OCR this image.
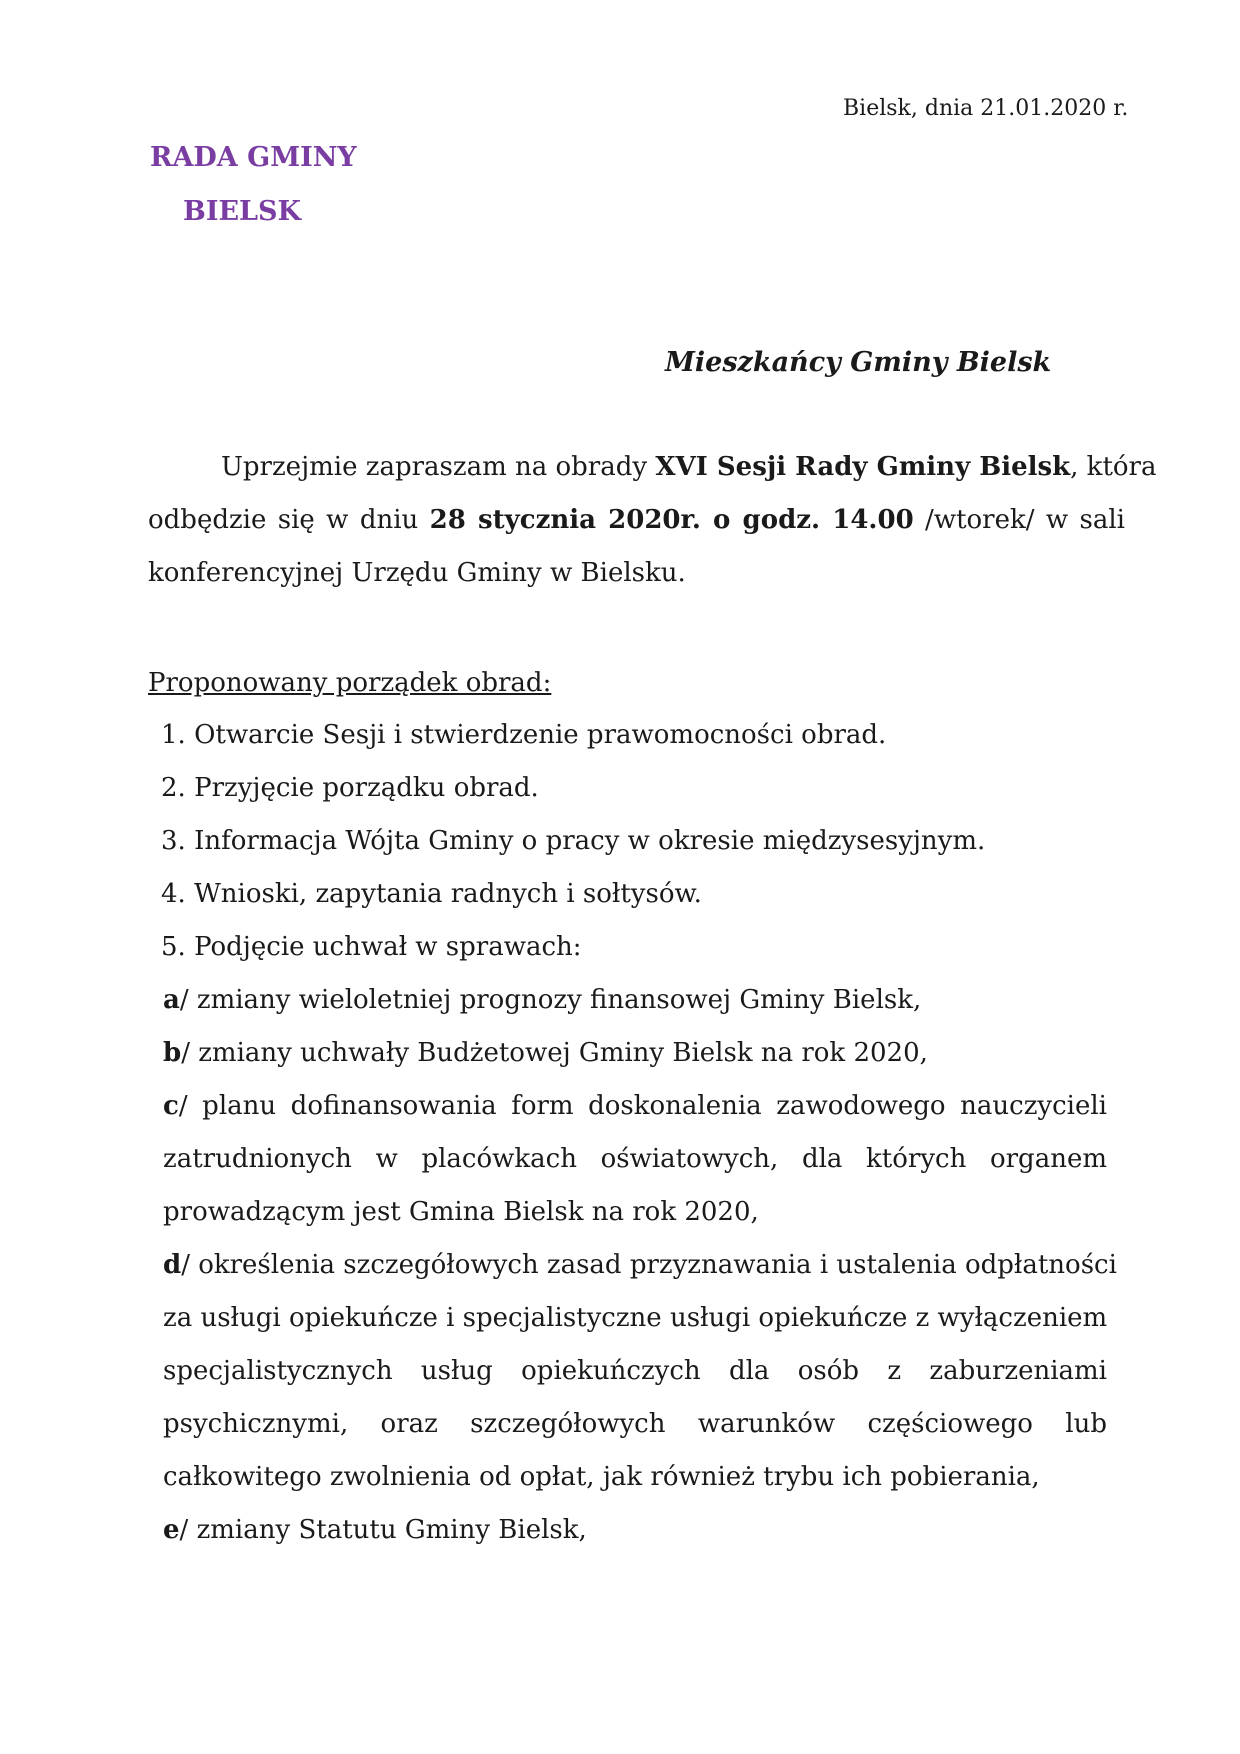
Bielsk, dnia 21.01.2020 r.
RADA GMINY
BIELSK
Mieszkańcy Gminy Bielsk
Uprzejmie zapraszam na obrady XVI Sesji Rady Gminy Bielsk, która
odbędzie się w dniu 28 stycznia 2020r. o godz. 14.00 /wtorek/ w sali
konferencyjnej Urzędu Gminy w Bielsku.
Proponowany porządek obrad:
1. Otwarcie Sesji i stwierdzenie prawomocności obrad.
2. Przyjęcie porządku obrad.
3. Informacja Wójta Gminy o pracy w okresie międzysesyjnym.
4. Wnioski, zapytania radnych i sołtysów.
5. Podjęcie uchwał w sprawach:
a/ zmiany wieloletniej prognozy finansowej Gminy Bielsk,
b/ zmiany uchwały Budżetowej Gminy Bielsk na rok 2020,
c/ planu dofinansowania form doskonalenia zawodowego nauczycieli
zatrudnionych w placówkach oświatowych, dla których organem
prowadzącym jest Gmina Bielsk na rok 2020,
d/ określenia szczegółowych zasad przyznawania i ustalenia odpłatności
za usługi opiekuńcze i specjalistyczne usługi opiekuńcze z wyłączeniem
specjalistycznych usług opiekuńczych dla osób z zaburzeniami
psychicznymi, oraz szczegółowych warunków częściowego lub
całkowitego zwolnienia od opłat, jak również trybu ich pobierania,
e/ zmiany Statutu Gminy Bielsk,
